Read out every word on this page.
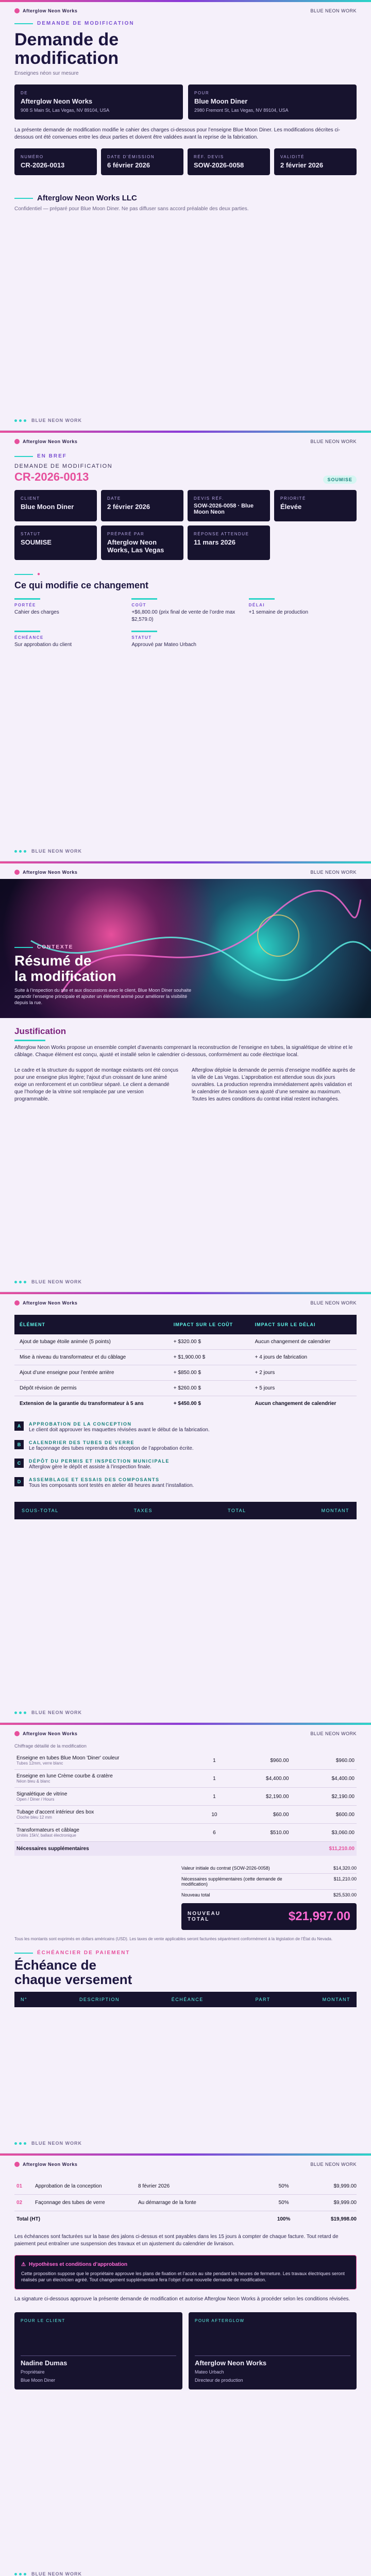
Afterglow Neon Works	BLUE NEON WORK
DEMANDE DE MODIFICATION
Demande de
modification
Enseignes néon sur mesure
DE
Afterglow Neon Works
908 S Main St, Las Vegas, NV 89104, USA
POUR
Blue Moon Diner
2980 Fremont St, Las Vegas, NV 89104, USA
La présente demande de modification modifie le cahier des charges ci-dessous pour l’enseigne Blue Moon Diner. Les modifications décrites ci-dessous ont été convenues entre les deux parties et doivent être validées avant la reprise de la fabrication.
NUMÉRO
CR-2026-0013
DATE D’ÉMISSION
6 février 2026
RÉF. DEVIS
SOW-2026-0058
VALIDITÉ
2 février 2026
Afterglow Neon Works LLC
Confidentiel — préparé pour Blue Moon Diner. Ne pas diffuser sans accord préalable des deux parties.
BLUE NEON WORK
Afterglow Neon Works	BLUE NEON WORK
EN BREF
DEMANDE DE MODIFICATION
CR-2026-0013	SOUMISE
CLIENT
Blue Moon Diner
DATE
2 février 2026
DEVIS RÉF.
SOW-2026-0058 · Blue Moon Neon
PRIORITÉ
Élevée
STATUT
SOUMISE
PRÉPARÉ PAR
Afterglow Neon Works, Las Vegas
RÉPONSE ATTENDUE
11 mars 2026
●
Ce qui modifie ce changement
PORTÉE
Cahier des charges
COÛT
+$6,800.00 (prix final de vente de l’ordre max $2,579.0)
DÉLAI
+1 semaine de production
ÉCHÉANCE
Sur approbation du client
STATUT
Approuvé par Mateo Urbach
BLUE NEON WORK
Afterglow Neon Works	BLUE NEON WORK
CONTEXTE
Résumé de
la modification
Suite à l’inspection du site et aux discussions avec le client, Blue Moon Diner souhaite agrandir l’enseigne principale et ajouter un élément animé pour améliorer la visibilité depuis la rue.
Justification
Afterglow Neon Works propose un ensemble complet d’avenants comprenant la reconstruction de l’enseigne en tubes, la signalétique de vitrine et le câblage. Chaque élément est conçu, ajusté et installé selon le calendrier ci-dessous, conformément au code électrique local.
Le cadre et la structure du support de montage existants ont été conçus pour une enseigne plus légère; l’ajout d’un croissant de lune animé exige un renforcement et un contrôleur séparé. Le client a demandé que l’horloge de la vitrine soit remplacée par une version programmable.
Afterglow déploie la demande de permis d’enseigne modifiée auprès de la ville de Las Vegas. L’approbation est attendue sous dix jours ouvrables. La production reprendra immédiatement après validation et le calendrier de livraison sera ajusté d’une semaine au maximum. Toutes les autres conditions du contrat initial restent inchangées.
BLUE NEON WORK
Afterglow Neon Works	BLUE NEON WORK
ÉLÉMENT	IMPACT SUR LE COÛT	IMPACT SUR LE DÉLAI
Ajout de tubage étoile animée (5 points)	+ $320.00 $	Aucun changement de calendrier
Mise à niveau du transformateur et du câblage	+ $1,900.00 $	+ 4 jours de fabrication
Ajout d’une enseigne pour l’entrée arrière	+ $850.00 $	+ 2 jours
Dépôt révision de permis	+ $260.00 $	+ 5 jours
Extension de la garantie du transformateur à 5 ans	+ $450.00 $	Aucun changement de calendrier
A	APPROBATION DE LA CONCEPTION
Le client doit approuver les maquettes révisées avant le début de la fabrication.
B	CALENDRIER DES TUBES DE VERRE
Le façonnage des tubes reprendra dès réception de l’approbation écrite.
C	DÉPÔT DU PERMIS ET INSPECTION MUNICIPALE
Afterglow gère le dépôt et assiste à l’inspection finale.
D	ASSEMBLAGE ET ESSAIS DES COMPOSANTS
Tous les composants sont testés en atelier 48 heures avant l’installation.
SOUS-TOTAL	TAXES	TOTAL	MONTANT
BLUE NEON WORK
Afterglow Neon Works	BLUE NEON WORK
Chiffrage détaillé de la modification
Enseigne en tubes Blue Moon 'Diner' couleur
Tubes 12mm, verre blanc	1	$960.00	$960.00

Enseigne en lune Crème courbe & cratère
Néon bleu & blanc	1	$4,400.00	$4,400.00

Signalétique de vitrine
Open / Diner / Hours	1	$2,190.00	$2,190.00

Tubage d’accent intérieur des box
Cloche bleu 12 mm	10	$60.00	$600.00

Transformateurs et câblage
Unités 15kV, ballast électronique	6	$510.00	$3,060.00
Nécessaires supplémentaires			$11,210.00
Valeur initiale du contrat (SOW-2026-0058)	$14,320.00
Nécessaires supplémentaires (cette demande de modification)
$11,210.00
Nouveau total	$25,530.00
NOUVEAU TOTAL	$21,997.00
Tous les montants sont exprimés en dollars américains (USD). Les taxes de vente applicables seront facturées séparément conformément à la législation de l’État du Nevada.
ÉCHÉANCIER DE PAIEMENT
Échéance de
chaque versement
N°	DESCRIPTION	ÉCHÉANCE	PART	MONTANT
BLUE NEON WORK
Afterglow Neon Works	BLUE NEON WORK
01	Approbation de la conception	8 février 2026	50%	$9,999.00
02	Façonnage des tubes de verre	Au démarrage de la fonte	50%	$9,999.00
Total (HT)			100%	$19,998.00
Les échéances sont facturées sur la base des jalons ci-dessus et sont payables dans les 15 jours à compter de chaque facture. Tout retard de paiement peut entraîner une suspension des travaux et un ajustement du calendrier de livraison.
⚠ Hypothèses et conditions d’approbation
Cette proposition suppose que le propriétaire approuve les plans de fixation et l’accès au site pendant les heures de fermeture. Les travaux électriques seront réalisés par un électricien agréé. Tout changement supplémentaire fera l’objet d’une nouvelle demande de modification.
La signature ci-dessous approuve la présente demande de modification et autorise Afterglow Neon Works à procéder selon les conditions révisées.
POUR LE CLIENT
Nadine Dumas
Propriétaire
Blue Moon Diner
POUR AFTERGLOW
Afterglow Neon Works
Mateo Urbach
Directeur de production
BLUE NEON WORK
